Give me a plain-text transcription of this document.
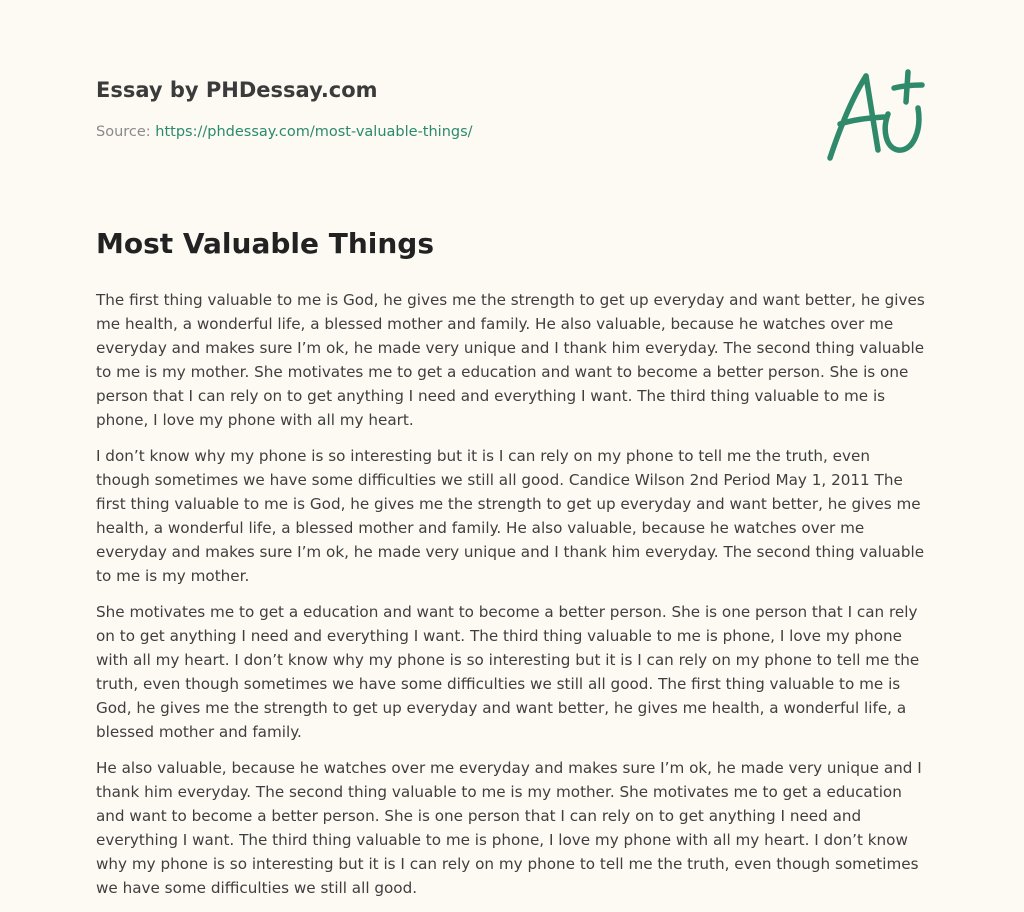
Essay by PHDessay.com
Source: https://phdessay.com/most-valuable-things/
Most Valuable Things

The first thing valuable to me is God, he gives me the strength to get up everyday and want better, he gives me health, a wonderful life, a blessed mother and family. He also valuable, because he watches over me everyday and makes sure I’m ok, he made very unique and I thank him everyday. The second thing valuable to me is my mother. She motivates me to get a education and want to become a better person. She is one person that I can rely on to get anything I need and everything I want. The third thing valuable to me is phone, I love my phone with all my heart.

I don’t know why my phone is so interesting but it is I can rely on my phone to tell me the truth, even though sometimes we have some difficulties we still all good. Candice Wilson 2nd Period May 1, 2011 The first thing valuable to me is God, he gives me the strength to get up everyday and want better, he gives me health, a wonderful life, a blessed mother and family. He also valuable, because he watches over me everyday and makes sure I’m ok, he made very unique and I thank him everyday. The second thing valuable to me is my mother.

She motivates me to get a education and want to become a better person. She is one person that I can rely on to get anything I need and everything I want. The third thing valuable to me is phone, I love my phone with all my heart. I don’t know why my phone is so interesting but it is I can rely on my phone to tell me the truth, even though sometimes we have some difficulties we still all good. The first thing valuable to me is God, he gives me the strength to get up everyday and want better, he gives me health, a wonderful life, a blessed mother and family.

He also valuable, because he watches over me everyday and makes sure I’m ok, he made very unique and I thank him everyday. The second thing valuable to me is my mother. She motivates me to get a education and want to become a better person. She is one person that I can rely on to get anything I need and everything I want. The third thing valuable to me is phone, I love my phone with all my heart. I don’t know why my phone is so interesting but it is I can rely on my phone to tell me the truth, even though sometimes we have some difficulties we still all good.
